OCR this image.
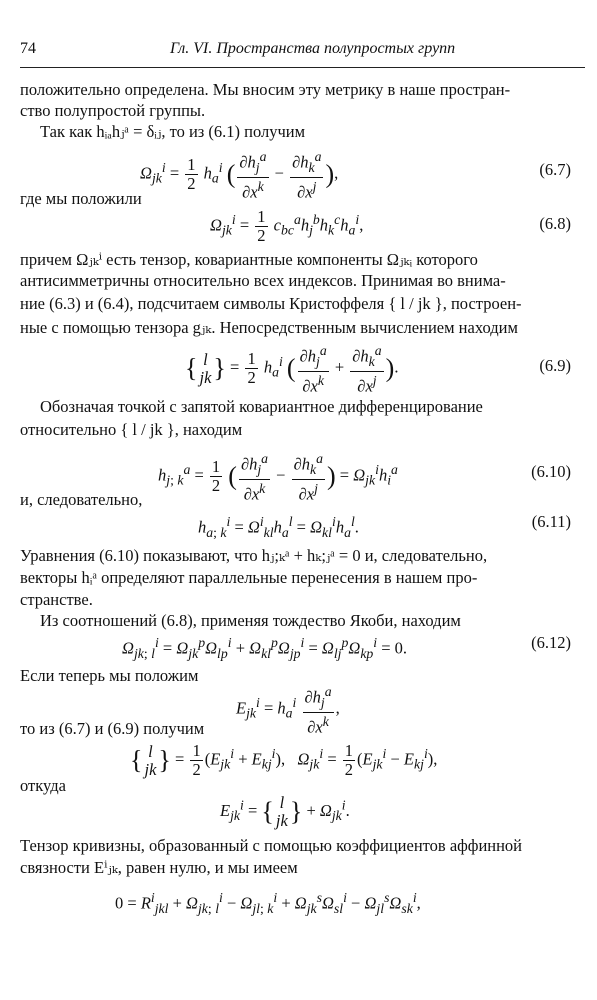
74	Гл. VI. Пространства полупростых групп
положительно определена. Мы вносим эту метрику в наше простран-
ство полупростой группы.
Так как hᵢₐhⱼᵃ = δᵢⱼ, то из (6.1) получим
$\Omega_{jk}^i = \frac{1}{2} h_a^i$ ( $\frac{\partial h_j^a}{\partial x^k} - \frac{\partial h_k^a}{\partial x^j}$ ),	(6.7)
где мы положили
$\Omega_{jk}^i = \frac{1}{2} c_{bc}^ah_j^bh_k^ch_a^i$,	(6.8)
причем Ωⱼₖⁱ есть тензор, ковариантные компоненты Ωⱼₖᵢ которого
антисимметричны относительно всех индексов. Принимая во внима-
ние (6.3) и (6.4), подсчитаем символы Кристоффеля { l / jk }, построен-
ные с помощью тензора gⱼₖ. Непосредственным вычислением находим
{ l
jk } = $\frac{1}{2} h_a^i$ ( $\frac{\partial h_j^a}{\partial x^k} + \frac{\partial h_k^a}{\partial x^j}$ ).	(6.9)
Обозначая точкой с запятой ковариантное дифференцирование
относительно { l / jk }, находим
$h_{j; k}^a = \frac{1}{2}$ ( $\frac{\partial h_j^a}{\partial x^k} - \frac{\partial h_k^a}{\partial x^j}$ ) = $\Omega_{jk}^ih_i^a$	(6.10)
и, следовательно,
$h_{a; k}^i = \Omega^i_{kl}h_a^l = \Omega_{kl}^ih_a^l$.	(6.11)
Уравнения (6.10) показывают, что hⱼ;ₖᵃ + hₖ;ⱼᵃ = 0 и, следовательно,
векторы hᵢᵃ определяют параллельные перенесения в нашем про-
странстве.
Из соотношений (6.8), применяя тождество Якоби, находим
$\Omega_{jk; l}^i = \Omega_{jk}^p\Omega_{lp}^i + \Omega_{kl}^p\Omega_{jp}^i = \Omega_{lj}^p\Omega_{kp}^i = 0$.	(6.12)
Если теперь мы положим
$E_{jk}^i = h_a^i \frac{\partial h_j^a}{\partial x^k}$ ,
то из (6.7) и (6.9) получим
{ l
jk } = $\frac{1}{2} (E_{jk}^i + E_{kj}^i)$,   $\Omega_{jk}^i = \frac{1}{2} (E_{jk}^i - E_{kj}^i)$,
откуда
$E_{jk}^i$ = { l
jk } + $\Omega_{jk}^i$.
Тензор кривизны, образованный с помощью коэффициентов аффинной
связности Eⁱⱼₖ, равен нулю, и мы имеем
$0 = R^i_{jkl} + \Omega_{jk; l}^i - \Omega_{jl; k}^i + \Omega_{jk}^s\Omega_{sl}^i - \Omega_{jl}^s\Omega_{sk}^i$,
